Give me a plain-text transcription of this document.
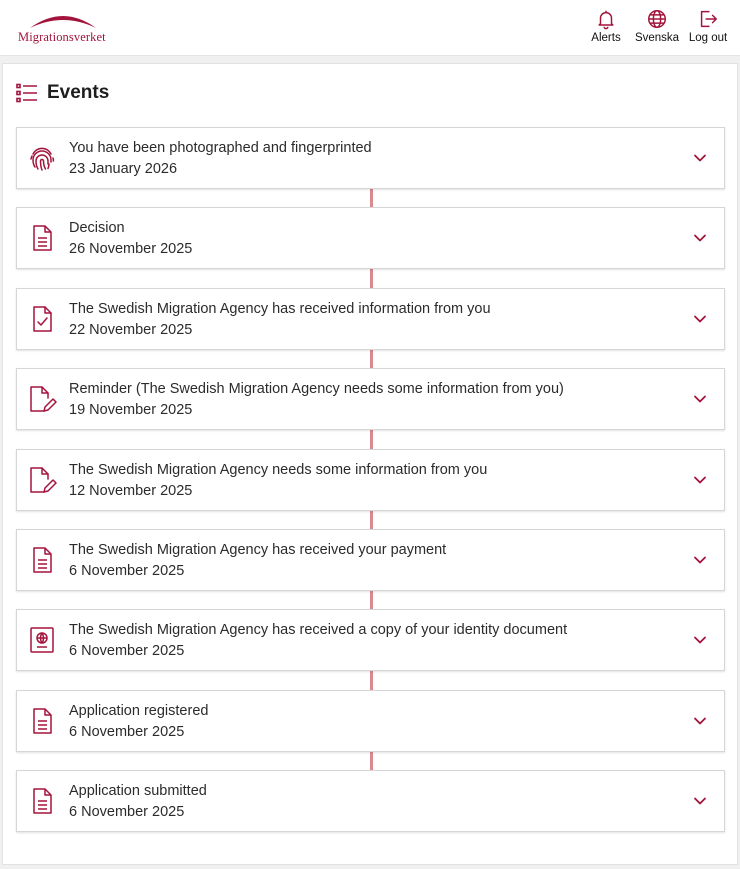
Migrationsverket	Alerts Svenska Log out
Events
You have been photographed and fingerprinted
23 January 2026
Decision
26 November 2025
The Swedish Migration Agency has received information from you
22 November 2025
Reminder (The Swedish Migration Agency needs some information from you)
19 November 2025
The Swedish Migration Agency needs some information from you
12 November 2025
The Swedish Migration Agency has received your payment
6 November 2025
The Swedish Migration Agency has received a copy of your identity document
6 November 2025
Application registered
6 November 2025
Application submitted
6 November 2025
